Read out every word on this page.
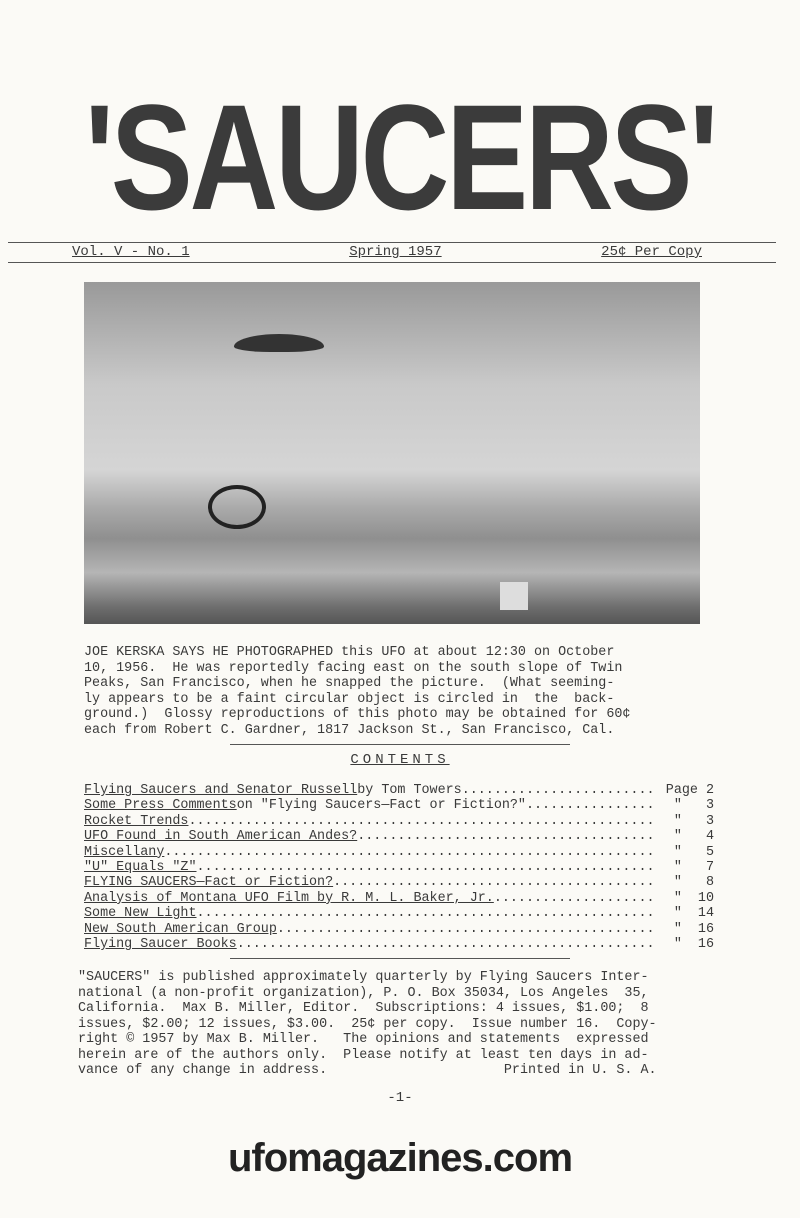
'SAUCERS'
Vol. V - No. 1	Spring 1957	25¢ Per Copy
JOE KERSKA SAYS HE PHOTOGRAPHED this UFO at about 12:30 on October
10, 1956.  He was reportedly facing east on the south slope of Twin
Peaks, San Francisco, when he snapped the picture.  (What seeming-
ly appears to be a faint circular object is circled in  the  back-
ground.)  Glossy reproductions of this photo may be obtained for 60¢
each from Robert C. Gardner, 1817 Jackson St., San Francisco, Cal.
CONTENTS
Flying Saucers and Senator Russell by Tom Towers .....	Page 2
Some Press Comments on "Flying Saucers—Fact or Fiction?" .....	"   3
Rocket Trends .....	"   3
UFO Found in South American Andes? .....	"   4
Miscellany .....	"   5
"U" Equals "Z" .....	"   7
FLYING SAUCERS—Fact or Fiction? .....	"   8
Analysis of Montana UFO Film by R. M. L. Baker, Jr. .....	"  10
Some New Light .....	"  14
New South American Group .....	"  16
Flying Saucer Books .....	"  16
"SAUCERS" is published approximately quarterly by Flying Saucers Inter-
national (a non-profit organization), P. O. Box 35034, Los Angeles  35,
California.  Max B. Miller, Editor.  Subscriptions: 4 issues, $1.00;  8
issues, $2.00; 12 issues, $3.00.  25¢ per copy.  Issue number 16.  Copy-
right © 1957 by Max B. Miller.   The opinions and statements  expressed
herein are of the authors only.  Please notify at least ten days in ad-
vance of any change in address.                      Printed in U. S. A.
-1-
ufomagazines.com
